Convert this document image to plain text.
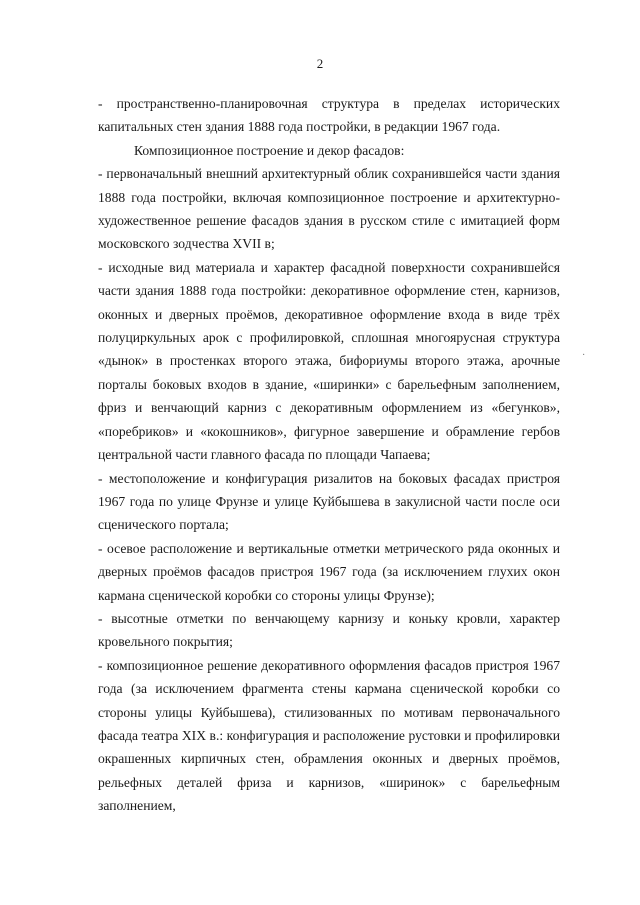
2

- пространственно-планировочная структура в пределах исторических капитальных стен здания 1888 года постройки, в редакции 1967 года.

Композиционное построение и декор фасадов:

- первоначальный внешний архитектурный облик сохранившейся части здания 1888 года постройки, включая композиционное построение и архитектурно-художественное решение фасадов здания в русском стиле с имитацией форм московского зодчества XVII в;

- исходные вид материала и характер фасадной поверхности сохранившейся части здания 1888 года постройки: декоративное оформление стен, карнизов, оконных и дверных проёмов, декоративное оформление входа в виде трёх полуциркульных арок с профилировкой, сплошная многоярусная структура «дынок» в простенках второго этажа, бифориумы второго этажа, арочные порталы боковых входов в здание, «ширинки» с барельефным заполнением, фриз и венчающий карниз с декоративным оформлением из «бегунков», «поребриков» и «кокошников», фигурное завершение и обрамление гербов центральной части главного фасада по площади Чапаева;

- местоположение и конфигурация ризалитов на боковых фасадах пристроя 1967 года по улице Фрунзе и улице Куйбышева в закулисной части после оси сценического портала;

- осевое расположение и вертикальные отметки метрического ряда оконных и дверных проёмов фасадов пристроя 1967 года (за исключением глухих окон кармана сценической коробки со стороны улицы Фрунзе);

- высотные отметки по венчающему карнизу и коньку кровли, характер кровельного покрытия;

- композиционное решение декоративного оформления фасадов пристроя 1967 года (за исключением фрагмента стены кармана сценической коробки со стороны улицы Куйбышева), стилизованных по мотивам первоначального фасада театра XIX в.: конфигурация и расположение рустовки и профилировки окрашенных кирпичных стен, обрамления оконных и дверных проёмов, рельефных деталей фриза и карнизов, «ширинок» с барельефным заполнением,

·
